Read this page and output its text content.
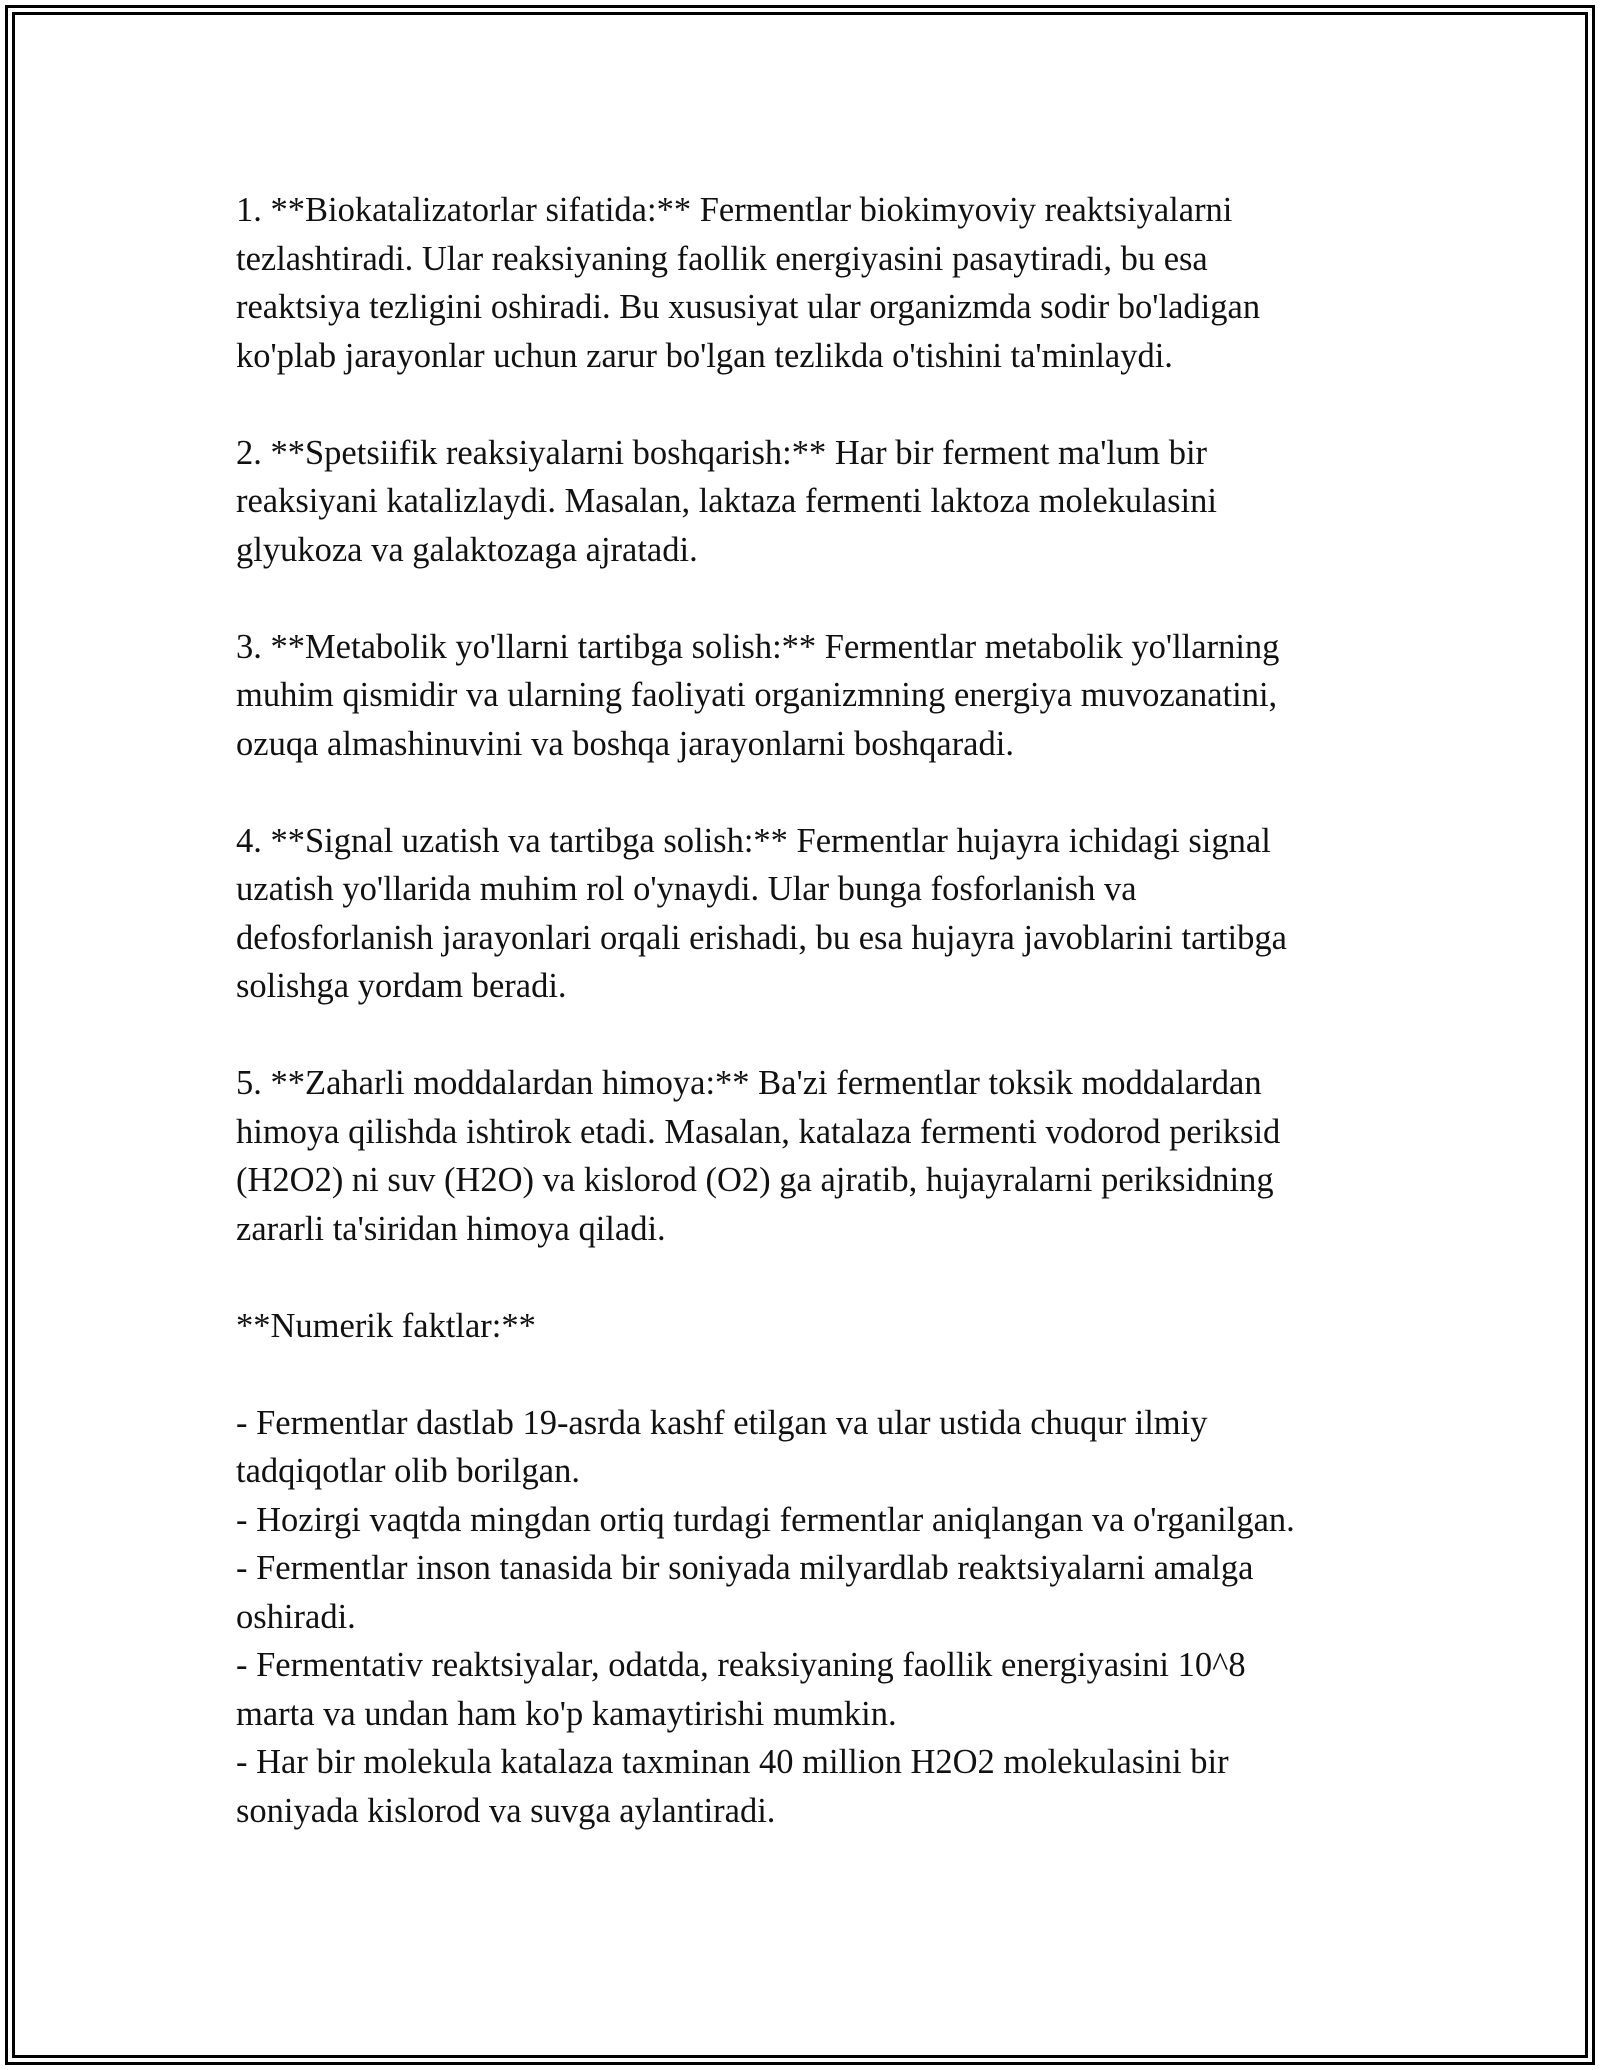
1. **Biokatalizatorlar sifatida:** Fermentlar biokimyoviy reaktsiyalarni
tezlashtiradi. Ular reaksiyaning faollik energiyasini pasaytiradi, bu esa
reaktsiya tezligini oshiradi. Bu xususiyat ular organizmda sodir bo'ladigan
ko'plab jarayonlar uchun zarur bo'lgan tezlikda o'tishini ta'minlaydi.
2. **Spetsiifik reaksiyalarni boshqarish:** Har bir ferment ma'lum bir
reaksiyani katalizlaydi. Masalan, laktaza fermenti laktoza molekulasini
glyukoza va galaktozaga ajratadi.
3. **Metabolik yo'llarni tartibga solish:** Fermentlar metabolik yo'llarning
muhim qismidir va ularning faoliyati organizmning energiya muvozanatini,
ozuqa almashinuvini va boshqa jarayonlarni boshqaradi.
4. **Signal uzatish va tartibga solish:** Fermentlar hujayra ichidagi signal
uzatish yo'llarida muhim rol o'ynaydi. Ular bunga fosforlanish va
defosforlanish jarayonlari orqali erishadi, bu esa hujayra javoblarini tartibga
solishga yordam beradi.
5. **Zaharli moddalardan himoya:** Ba'zi fermentlar toksik moddalardan
himoya qilishda ishtirok etadi. Masalan, katalaza fermenti vodorod periksid
(H2O2) ni suv (H2O) va kislorod (O2) ga ajratib, hujayralarni periksidning
zararli ta'siridan himoya qiladi.
**Numerik faktlar:**
- Fermentlar dastlab 19-asrda kashf etilgan va ular ustida chuqur ilmiy
tadqiqotlar olib borilgan.
- Hozirgi vaqtda mingdan ortiq turdagi fermentlar aniqlangan va o'rganilgan.
- Fermentlar inson tanasida bir soniyada milyardlab reaktsiyalarni amalga
oshiradi.
- Fermentativ reaktsiyalar, odatda, reaksiyaning faollik energiyasini 10^8
marta va undan ham ko'p kamaytirishi mumkin.
- Har bir molekula katalaza taxminan 40 million H2O2 molekulasini bir
soniyada kislorod va suvga aylantiradi.
